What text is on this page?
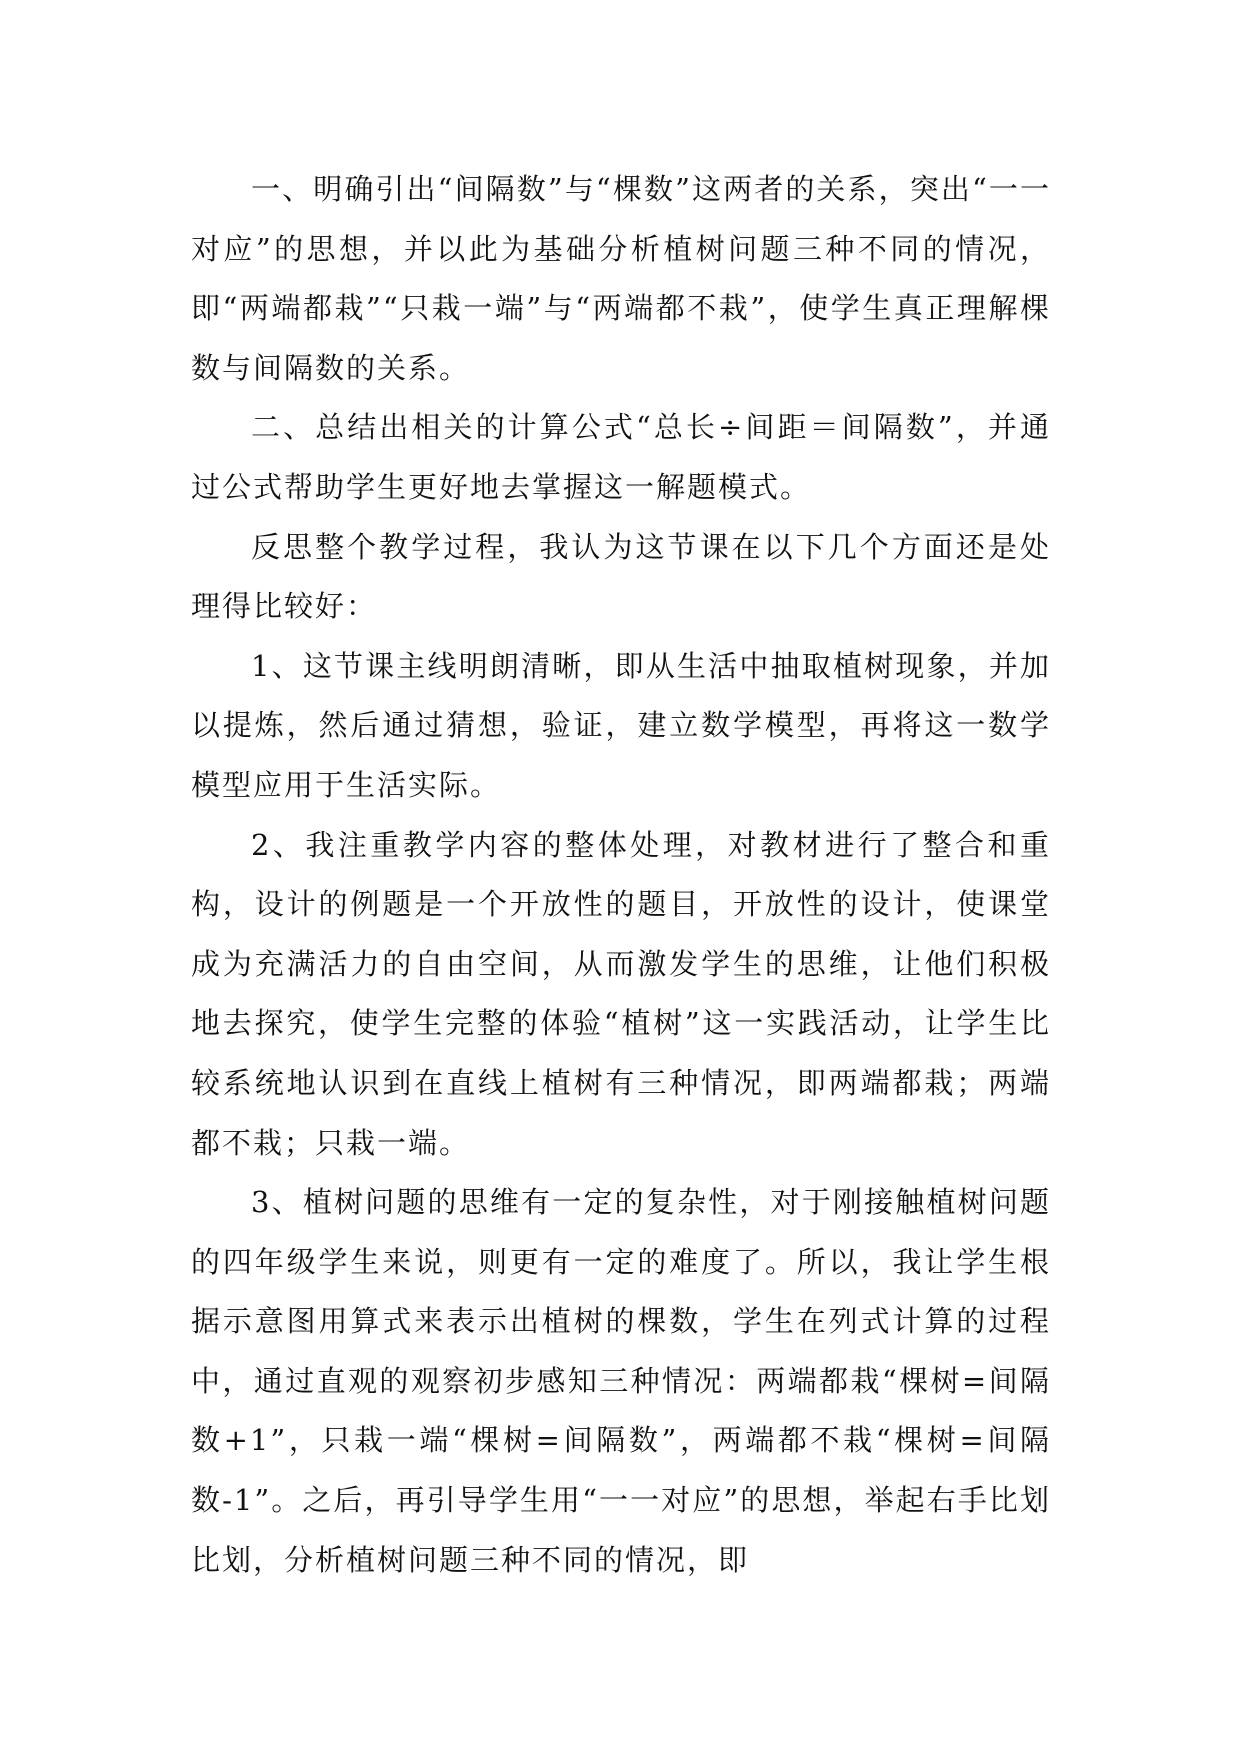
一、明确引出“间隔数”与“棵数”这两者的关系，突出“一一对应”的思想，并以此为基础分析植树问题三种不同的情况，即“两端都栽”“只栽一端”与“两端都不栽”，使学生真正理解棵数与间隔数的关系。

二、总结出相关的计算公式“总长÷间距＝间隔数”，并通过公式帮助学生更好地去掌握这一解题模式。

反思整个教学过程，我认为这节课在以下几个方面还是处理得比较好：

1、这节课主线明朗清晰，即从生活中抽取植树现象，并加以提炼，然后通过猜想，验证，建立数学模型，再将这一数学模型应用于生活实际。

2、我注重教学内容的整体处理，对教材进行了整合和重构，设计的例题是一个开放性的题目，开放性的设计，使课堂成为充满活力的自由空间，从而激发学生的思维，让他们积极地去探究，使学生完整的体验“植树”这一实践活动，让学生比较系统地认识到在直线上植树有三种情况，即两端都栽；两端都不栽；只栽一端。

3、植树问题的思维有一定的复杂性，对于刚接触植树问题的四年级学生来说，则更有一定的难度了。所以，我让学生根据示意图用算式来表示出植树的棵数，学生在列式计算的过程中，通过直观的观察初步感知三种情况：两端都栽“棵树=间隔数+1”，只栽一端“棵树=间隔数”，两端都不栽“棵树=间隔数-1”。之后，再引导学生用“一一对应”的思想，举起右手比划比划，分析植树问题三种不同的情况，即
